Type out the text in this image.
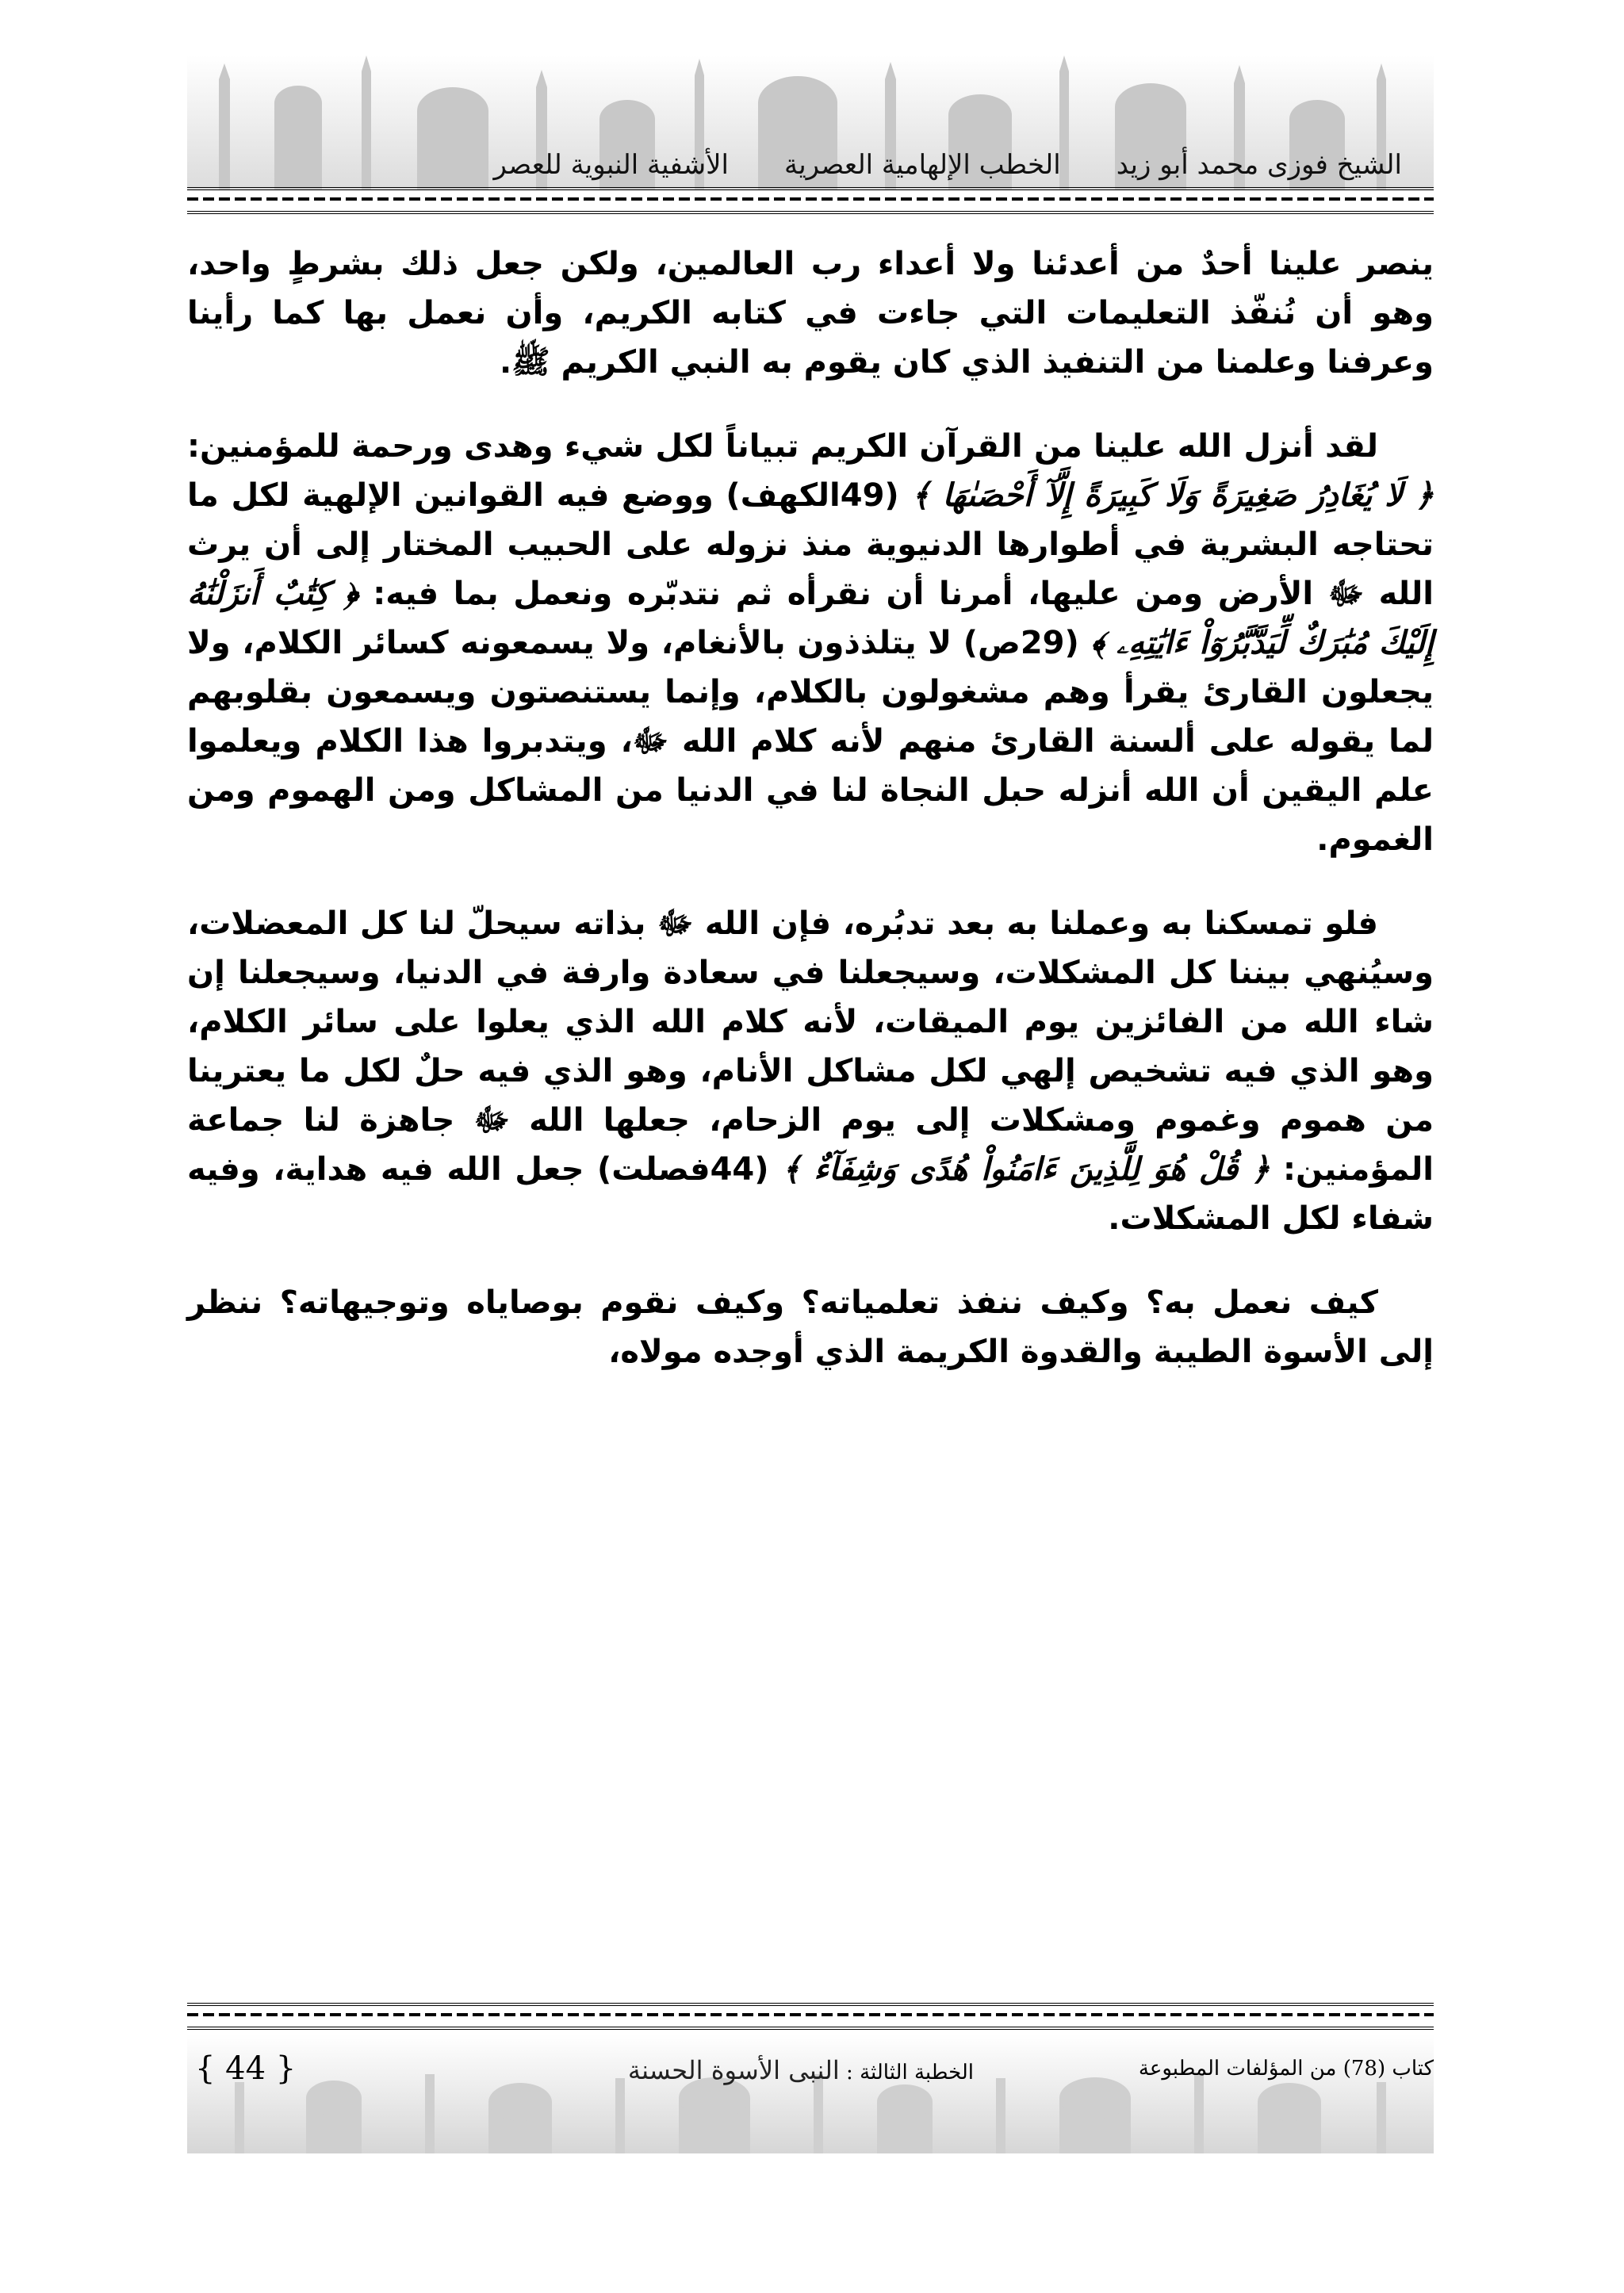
الشيخ فوزى محمد أبو زيد
الخطب الإلهامية العصرية
الأشفية النبوية للعصر

ينصر علينا أحدٌ من أعدئنا ولا أعداء رب العالمين، ولكن جعل ذلك بشرطٍ واحد، وهو أن نُنفّذ التعليمات التي جاءت في كتابه الكريم، وأن نعمل بها كما رأينا وعرفنا وعلمنا من التنفيذ الذي كان يقوم به النبي الكريم ﷺ.

لقد أنزل الله علينا من القرآن الكريم تبياناً لكل شيء وهدى ورحمة للمؤمنين: ﴿ لَا يُغَادِرُ صَغِيرَةً وَلَا كَبِيرَةً إِلَّآ أَحْصَىٰهَا ﴾ (49الكهف) ووضع فيه القوانين الإلهية لكل ما تحتاجه البشرية في أطوارها الدنيوية منذ نزوله على الحبيب المختار إلى أن يرث الله ﷻ الأرض ومن عليها، أمرنا أن نقرأه ثم نتدبّره ونعمل بما فيه: ﴿ كِتَٰبٌ أَنزَلْنَٰهُ إِلَيْكَ مُبَٰرَكٌ لِّيَدَّبَّرُوٓاْ ءَايَٰتِهِۦ ﴾ (29ص) لا يتلذذون بالأنغام، ولا يسمعونه كسائر الكلام، ولا يجعلون القارئ يقرأ وهم مشغولون بالكلام، وإنما يستنصتون ويسمعون بقلوبهم لما يقوله على ألسنة القارئ منهم لأنه كلام الله ﷻ، ويتدبروا هذا الكلام ويعلموا علم اليقين أن الله أنزله حبل النجاة لنا في الدنيا من المشاكل ومن الهموم ومن الغموم.

فلو تمسكنا به وعملنا به بعد تدبُره، فإن الله ﷻ بذاته سيحلّ لنا كل المعضلات، وسيُنهي بيننا كل المشكلات، وسيجعلنا في سعادة وارفة في الدنيا، وسيجعلنا إن شاء الله من الفائزين يوم الميقات، لأنه كلام الله الذي يعلوا على سائر الكلام، وهو الذي فيه تشخيص إلهي لكل مشاكل الأنام، وهو الذي فيه حلٌ لكل ما يعترينا من هموم وغموم ومشكلات إلى يوم الزحام، جعلها الله ﷻ جاهزة لنا جماعة المؤمنين: ﴿ قُلْ هُوَ لِلَّذِينَ ءَامَنُواْ هُدًى وَشِفَآءٌ ﴾ (44فصلت) جعل الله فيه هداية، وفيه شفاء لكل المشكلات.

كيف نعمل به؟ وكيف ننفذ تعلمياته؟ وكيف نقوم بوصاياه وتوجيهاته؟ ننظر إلى الأسوة الطيبة والقدوة الكريمة الذي أوجده مولاه،

كتاب (78) من المؤلفات المطبوعة
الخطبة الثالثة : النبى الأسوة الحسنة
{ 44 }
